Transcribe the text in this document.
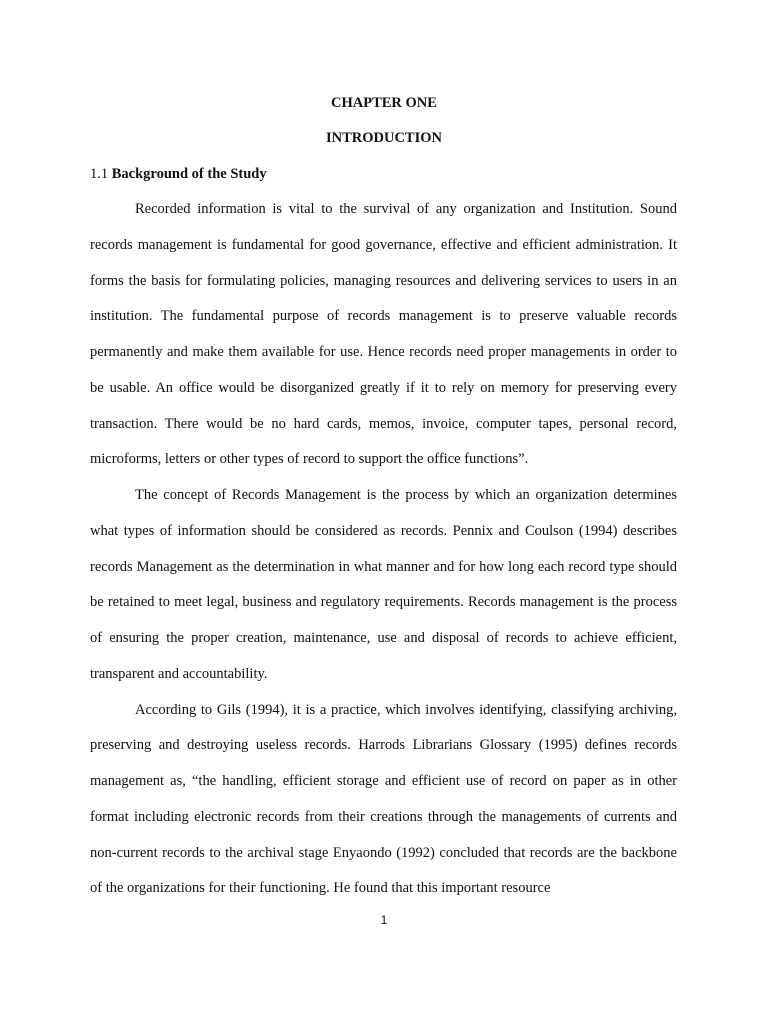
CHAPTER ONE
INTRODUCTION
1.1 Background of the Study

Recorded information is vital to the survival of any organization and Institution. Sound records management is fundamental for good governance, effective and efficient administration. It forms the basis for formulating policies, managing resources and delivering services to users in an institution. The fundamental purpose of records management is to preserve valuable records permanently and make them available for use. Hence records need proper managements in order to be usable. An office would be disorganized greatly if it to rely on memory for preserving every transaction. There would be no hard cards, memos, invoice, computer tapes, personal record, microforms, letters or other types of record to support the office functions”.

The concept of Records Management is the process by which an organization determines what types of information should be considered as records. Pennix and Coulson (1994) describes records Management as the determination in what manner and for how long each record type should be retained to meet legal, business and regulatory requirements. Records management is the process of ensuring the proper creation, maintenance, use and disposal of records to achieve efficient, transparent and accountability.

According to Gils (1994), it is a practice, which involves identifying, classifying archiving, preserving and destroying useless records. Harrods Librarians Glossary (1995) defines records management as, “the handling, efficient storage and efficient use of record on paper as in other format including electronic records from their creations through the managements of currents and non-current records to the archival stage Enyaondo (1992) concluded that records are the backbone of the organizations for their functioning. He found that this important resource

1
